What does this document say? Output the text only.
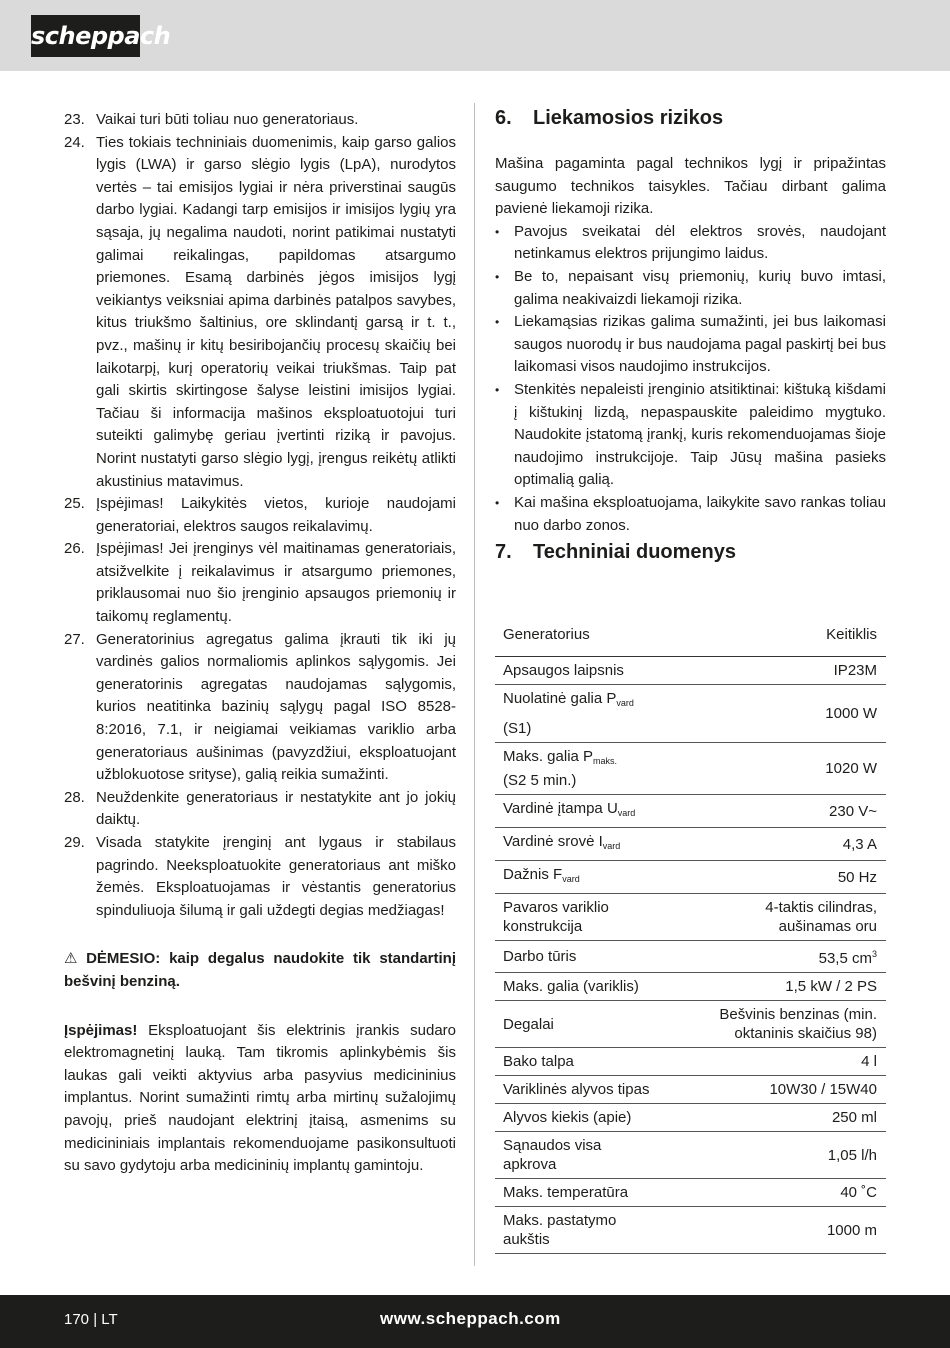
scheppach
23. Vaikai turi būti toliau nuo generatoriaus.
24. Ties tokiais techniniais duomenimis, kaip garso galios lygis (LWA) ir garso slėgio lygis (LpA), nurodytos vertės – tai emisijos lygiai ir nėra priverstinai saugūs darbo lygiai. Kadangi tarp emisijos ir imisijos lygių yra sąsaja, jų negalima naudoti, norint patikimai nustatyti galimai reikalingas, papildomas atsargumo priemones. Esamą darbinės jėgos imisijos lygį veikiantys veiksniai apima darbinės patalpos savybes, kitus triukšmo šaltinius, ore sklindantį garsą ir t. t., pvz., mašinų ir kitų besiribojančių procesų skaičių bei laikotarpį, kurį operatorių veikai triukšmas. Taip pat gali skirtis skirtingose šalyse leistini imisijos lygiai. Tačiau ši informacija mašinos eksploatuotojui turi suteikti galimybę geriau įvertinti riziką ir pavojus. Norint nustatyti garso slėgio lygį, įrengus reikėtų atlikti akustinius matavimus.
25. Įspėjimas! Laikykitės vietos, kurioje naudojami generatoriai, elektros saugos reikalavimų.
26. Įspėjimas! Jei įrenginys vėl maitinamas generatoriais, atsižvelkite į reikalavimus ir atsargumo priemones, priklausomai nuo šio įrenginio apsaugos priemonių ir taikomų reglamentų.
27. Generatorinius agregatus galima įkrauti tik iki jų vardinės galios normaliomis aplinkos sąlygomis. Jei generatorinis agregatas naudojamas sąlygomis, kurios neatitinka bazinių sąlygų pagal ISO 8528-8:2016, 7.1, ir neigiamai veikiamas variklio arba generatoriaus aušinimas (pavyzdžiui, eksploatuojant užblokuotose srityse), galią reikia sumažinti.
28. Neuždenkite generatoriaus ir nestatykite ant jo jokių daiktų.
29. Visada statykite įrenginį ant lygaus ir stabilaus pagrindo. Neeksploatuokite generatoriaus ant miško žemės. Eksploatuojamas ir vėstantis generatorius spinduliuoja šilumą ir gali uždegti degias medžiagas!
⚠ DĖMESIO: kaip degalus naudokite tik standartinį bešvinį benziną.
Įspėjimas! Eksploatuojant šis elektrinis įrankis sudaro elektromagnetinį lauką. Tam tikromis aplinkybėmis šis laukas gali veikti aktyvius arba pasyvius medicininius implantus. Norint sumažinti rimtų arba mirtinų sužalojimų pavojų, prieš naudojant elektrinį įtaisą, asmenims su medicininiais implantais rekomenduojame pasikonsultuoti su savo gydytoju arba medicininių implantų gamintoju.
6. Liekamosios rizikos
Mašina pagaminta pagal technikos lygį ir pripažintas saugumo technikos taisykles. Tačiau dirbant galima pavienė liekamoji rizika.
• Pavojus sveikatai dėl elektros srovės, naudojant netinkamus elektros prijungimo laidus.
• Be to, nepaisant visų priemonių, kurių buvo imtasi, galima neakivaizdi liekamoji rizika.
• Liekamąsias rizikas galima sumažinti, jei bus laikomasi saugos nuorodų ir bus naudojama pagal paskirtį bei bus laikomasi visos naudojimo instrukcijos.
• Stenkitės nepaleisti įrenginio atsitiktinai: kištuką kišdami į kištukinį lizdą, nepaspauskite paleidimo mygtuko. Naudokite įstatomą įrankį, kuris rekomenduojamas šioje naudojimo instrukcijoje. Taip Jūsų mašina pasieks optimalią galią.
• Kai mašina eksploatuojama, laikykite savo rankas toliau nuo darbo zonos.
7. Techniniai duomenys
Generatorius	Keitiklis
Apsaugos laipsnis	IP23M
Nuolatinė galia $P_{vard}$

(S1)	1000 W
Maks. galia $P_{maks.}$
(S2 5 min.)	1020 W
Vardinė įtampa $U_{vard}$	230 V~
Vardinė srovė $I_{vard}$	4,3 A
Dažnis $F_{vard}$	50 Hz
Pavaros variklio
konstrukcija	4-taktis cilindras,
aušinamas oru
Darbo tūris	53,5 $cm^3$
Maks. galia (variklis)	1,5 kW / 2 PS
Degalai	Bešvinis benzinas (min.
oktaninis skaičius 98)
Bako talpa	4 l
Variklinės alyvos tipas	10W30 / 15W40
Alyvos kiekis (apie)	250 ml
Sąnaudos visa
apkrova	1,05 l/h
Maks. temperatūra	40 ˚C
Maks. pastatymo
aukštis	1000 m
170 | LT	www.scheppach.com
